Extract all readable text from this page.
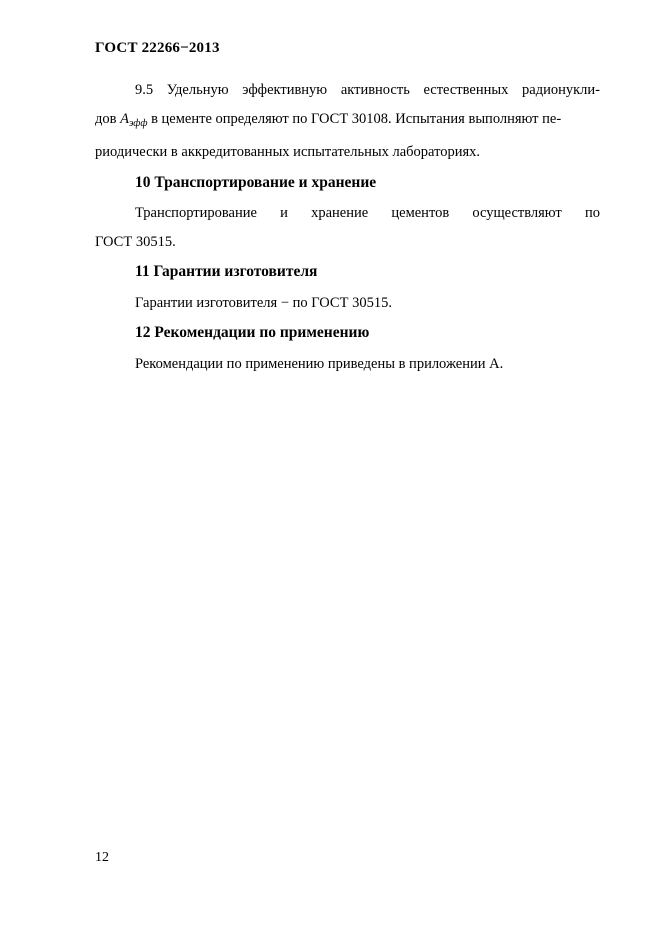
ГОСТ 22266−2013
9.5 Удельную эффективную активность естественных радионукли-
дов $А_{эфф}$ в цементе определяют по ГОСТ 30108. Испытания выполняют пе-
риодически в аккредитованных испытательных лабораториях.
10 Транспортирование и хранение
Транспортирование и хранение цементов осуществляют по
ГОСТ 30515.
11 Гарантии изготовителя
Гарантии изготовителя − по ГОСТ 30515.
12 Рекомендации по применению
Рекомендации по применению приведены в приложении А.
12
